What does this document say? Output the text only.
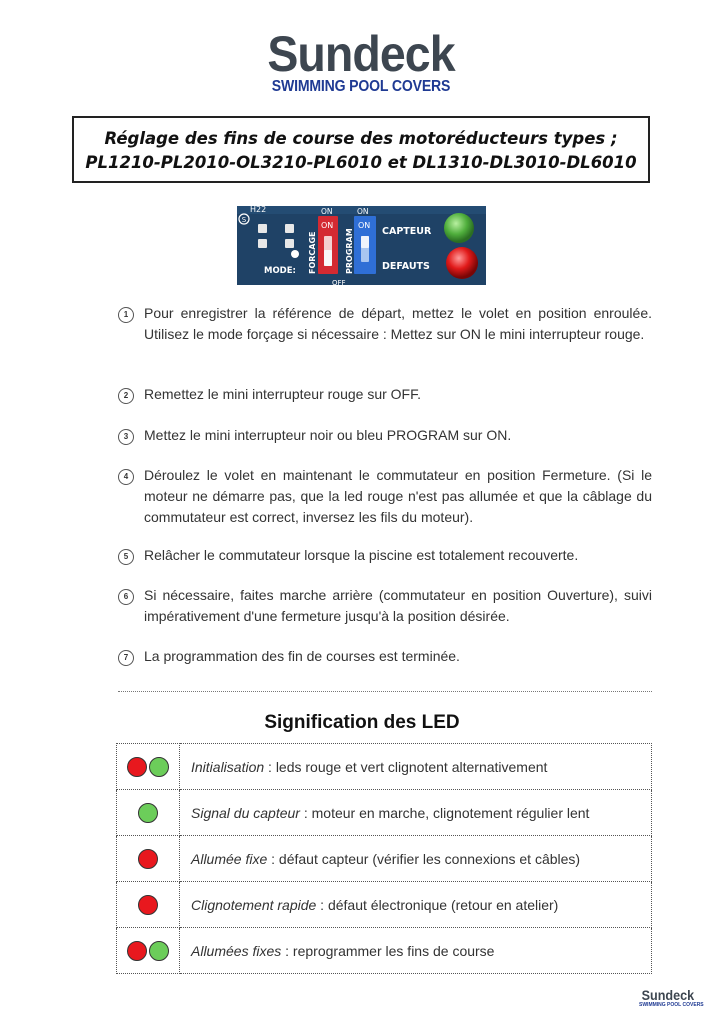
Sundeck
SWIMMING POOL COVERS
Réglage des fins de course des motoréducteurs types ;
PL1210-PL2010-OL3210-PL6010 et DL1310-DL3010-DL6010
S
H22
MODE: FORCAGE
ON
ON
PROGRAM
ON
ON
OFF
CAPTEUR
DEFAUTS
1	Pour enregistrer la référence de départ, mettez le volet en position enroulée. Utilisez le mode forçage si nécessaire : Mettez sur ON le mini interrupteur rouge.
2	Remettez le mini interrupteur rouge sur OFF.
3	Mettez le mini interrupteur noir ou bleu PROGRAM sur ON.
4	Déroulez le volet en maintenant le commutateur en position Fermeture. (Si le moteur ne démarre pas, que la led rouge n'est pas allumée et que la câblage du commutateur est correct, inversez les fils du moteur).
5	Relâcher le commutateur lorsque la piscine est totalement recouverte.
6	Si nécessaire, faites marche arrière (commutateur en position Ouverture), suivi impérativement d'une fermeture jusqu'à la position désirée.
7	La programmation des fin de courses est terminée.
Signification des LED
	Initialisation : leds rouge et vert clignotent alternativement
	Signal du capteur : moteur en marche, clignotement régulier lent
	Allumée fixe : défaut capteur (vérifier les connexions et câbles)
	Clignotement rapide : défaut électronique (retour en atelier)
	Allumées fixes : reprogrammer les fins de course
Sundeck
SWIMMING POOL COVERS
